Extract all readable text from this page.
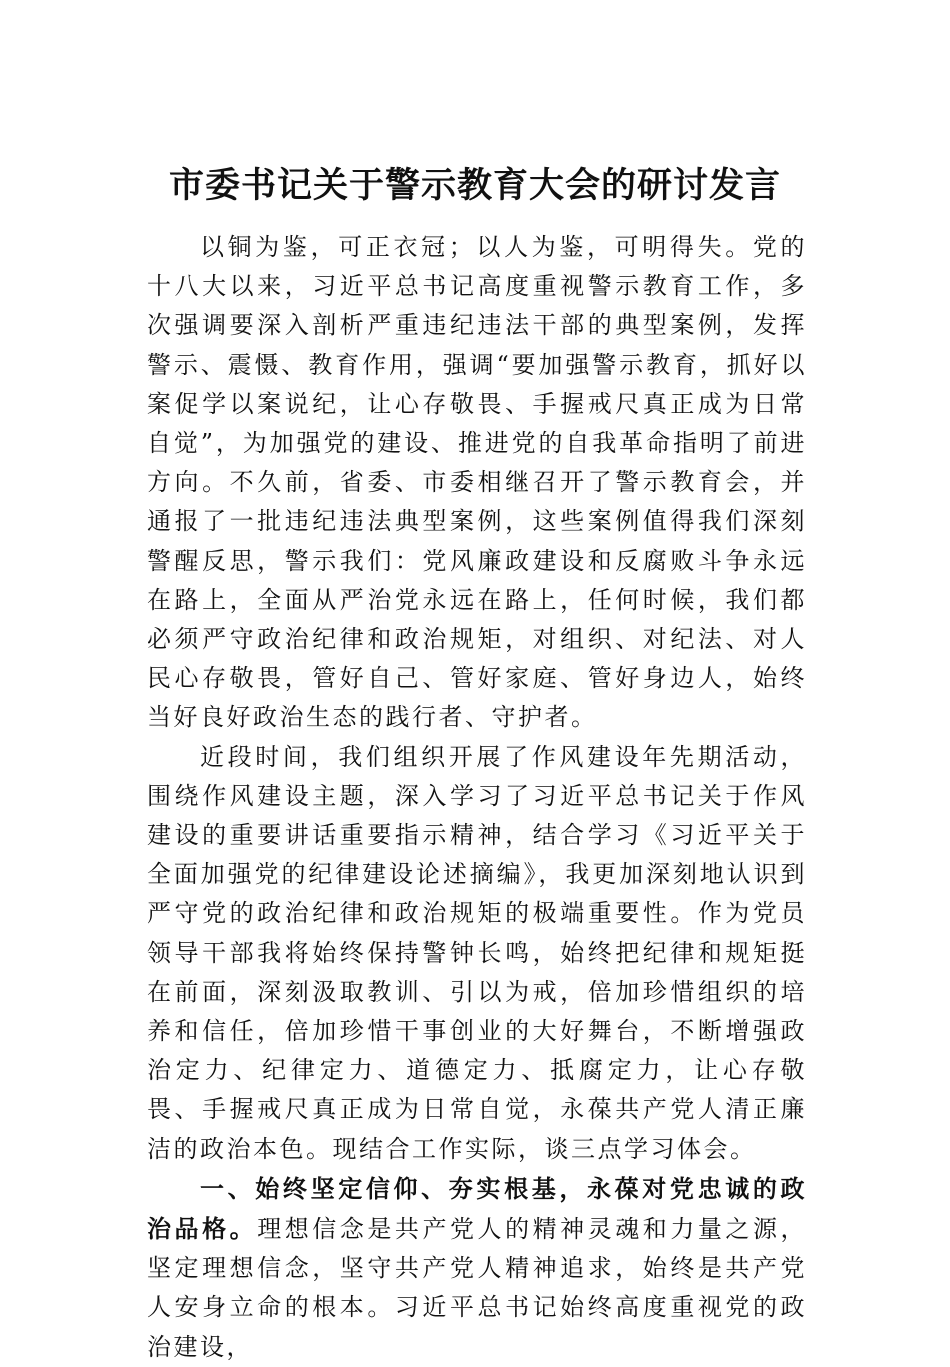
市委书记关于警示教育大会的研讨发言

以铜为鉴，可正衣冠；以人为鉴，可明得失。党的十八大以来，习近平总书记高度重视警示教育工作，多次强调要深入剖析严重违纪违法干部的典型案例，发挥警示、震慑、教育作用，强调“要加强警示教育，抓好以案促学以案说纪，让心存敬畏、手握戒尺真正成为日常自觉”，为加强党的建设、推进党的自我革命指明了前进方向。不久前，省委、市委相继召开了警示教育会，并通报了一批违纪违法典型案例，这些案例值得我们深刻警醒反思，警示我们：党风廉政建设和反腐败斗争永远在路上，全面从严治党永远在路上，任何时候，我们都必须严守政治纪律和政治规矩，对组织、对纪法、对人民心存敬畏，管好自己、管好家庭、管好身边人，始终当好良好政治生态的践行者、守护者。

近段时间，我们组织开展了作风建设年先期活动，围绕作风建设主题，深入学习了习近平总书记关于作风建设的重要讲话重要指示精神，结合学习《习近平关于全面加强党的纪律建设论述摘编》，我更加深刻地认识到严守党的政治纪律和政治规矩的极端重要性。作为党员领导干部我将始终保持警钟长鸣，始终把纪律和规矩挺在前面，深刻汲取教训、引以为戒，倍加珍惜组织的培养和信任，倍加珍惜干事创业的大好舞台，不断增强政治定力、纪律定力、道德定力、抵腐定力，让心存敬畏、手握戒尺真正成为日常自觉，永葆共产党人清正廉洁的政治本色。现结合工作实际，谈三点学习体会。

一、始终坚定信仰、夯实根基，永葆对党忠诚的政治品格。理想信念是共产党人的精神灵魂和力量之源，坚定理想信念，坚守共产党人精神追求，始终是共产党人安身立命的根本。习近平总书记始终高度重视党的政治建设，
